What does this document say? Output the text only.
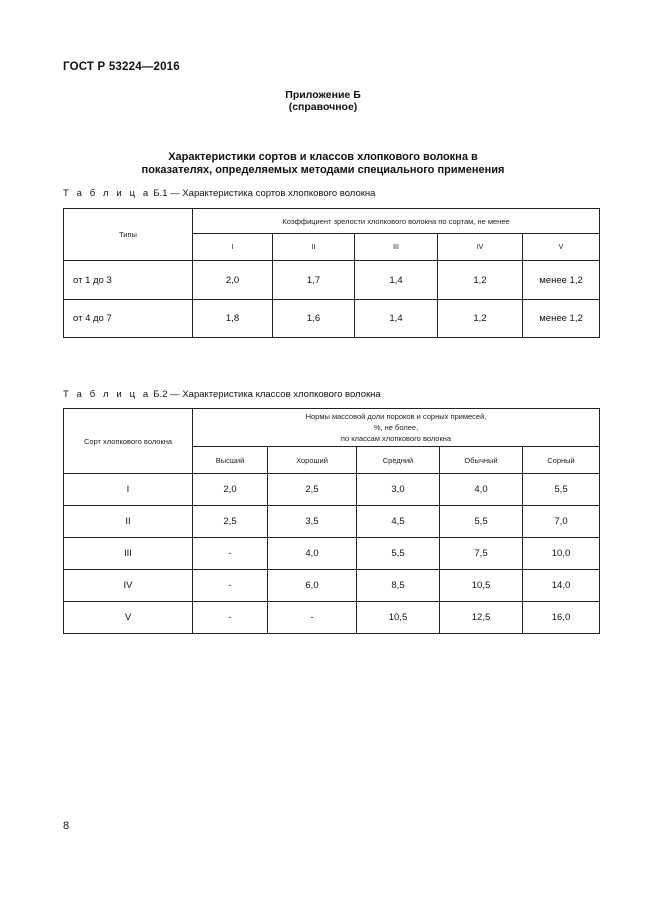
ГОСТ Р 53224—2016
Приложение Б
(справочное)
Характеристики сортов и классов хлопкового волокна в
показателях, определяемых методами специального применения
Т а б л и ц а Б.1 — Характеристика сортов хлопкового волокна
Типы	Коэффициент зрелости хлопкового волокна по сортам, не менее				
	I	II	III	IV	V
от 1 до 3	2,0	1,7	1,4	1,2	менее 1,2
от 4 до 7	1,8	1,6	1,4	1,2	менее 1,2
Т а б л и ц а Б.2 — Характеристика классов хлопкового волокна
Сорт хлопкового волокна	Нормы массовой доли пороков и сорных примесей,
%, не более,
по классам хлопкового волокна				

	Высший	Хороший	Средний	Обычный	Сорный
I	2,0	2,5	3,0	4,0	5,5
II	2,5	3,5	4,5	5,5	7,0
III	-	4,0	5,5	7,5	10,0
IV	-	6,0	8,5	10,5	14,0
V	-	-	10,5	12,5	16,0
8
